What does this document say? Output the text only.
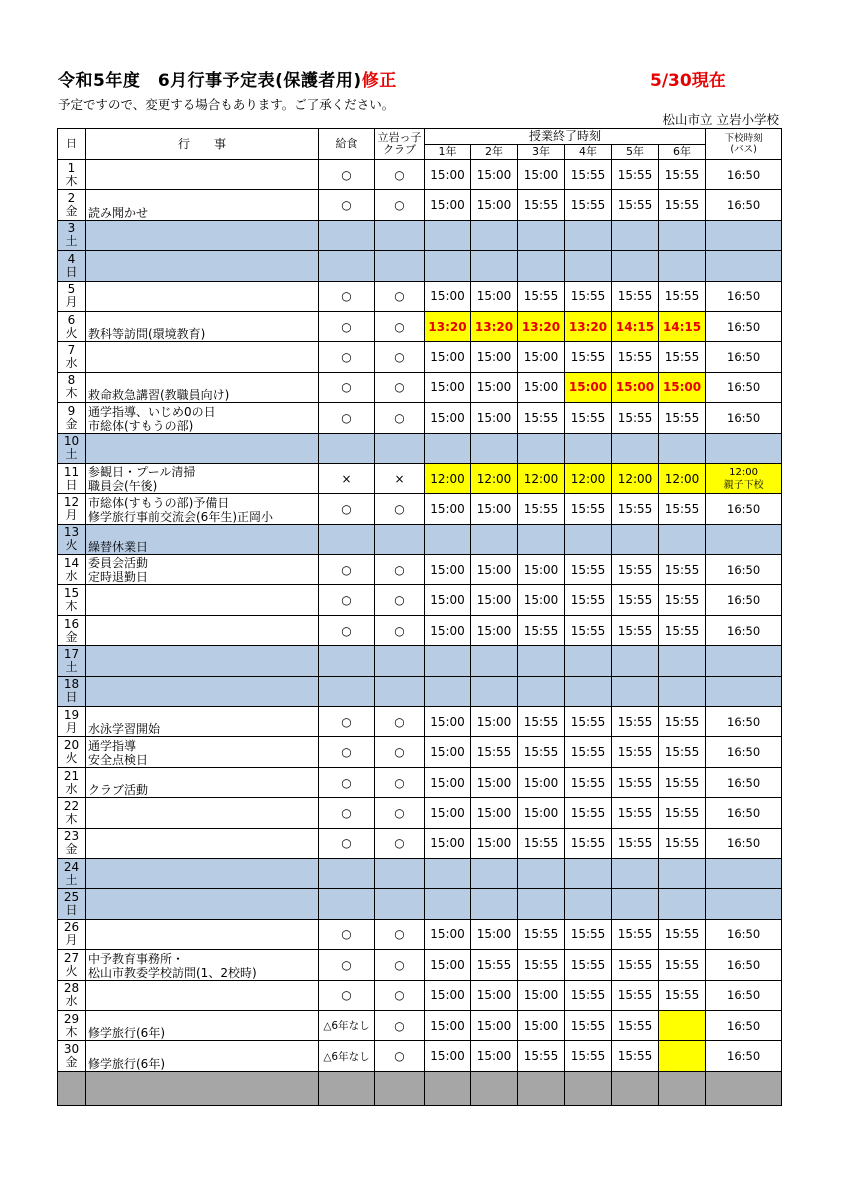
令和5年度　6月行事予定表(保護者用)修正	5/30現在
予定ですので、変更する場合もあります。ご了承ください。
松山市立 立岩小学校
日	行　　事	給食	立岩っ子
クラブ	授業終了時刻						下校時刻
(バス)

				1年	2年	3年	4年	5年	6年	

1
木		○	○	15:00	15:00	15:00	15:55	15:55	15:55	16:50

2
金	読み聞かせ	○	○	15:00	15:00	15:55	15:55	15:55	15:55	16:50

3
土										

4
日										

5
月		○	○	15:00	15:00	15:55	15:55	15:55	15:55	16:50

6
火	教科等訪問(環境教育)	○	○	13:20	13:20	13:20	13:20	14:15	14:15	16:50

7
水		○	○	15:00	15:00	15:00	15:55	15:55	15:55	16:50

8
木	救命救急講習(教職員向け)	○	○	15:00	15:00	15:00	15:00	15:00	15:00	16:50

9
金	通学指導、いじめ0の日
市総体(すもうの部)	○	○	15:00	15:00	15:55	15:55	15:55	15:55	16:50

10
土										

11
日	参観日・プール清掃
職員会(午後)	×	×	12:00	12:00	12:00	12:00	12:00	12:00	12:00
親子下校

12
月	市総体(すもうの部)予備日
修学旅行事前交流会(6年生)正岡小	○	○	15:00	15:00	15:55	15:55	15:55	15:55	16:50

13
火	繰替休業日									

14
水	委員会活動
定時退勤日	○	○	15:00	15:00	15:00	15:55	15:55	15:55	16:50

15
木		○	○	15:00	15:00	15:00	15:55	15:55	15:55	16:50

16
金		○	○	15:00	15:00	15:55	15:55	15:55	15:55	16:50

17
土										

18
日										

19
月	水泳学習開始	○	○	15:00	15:00	15:55	15:55	15:55	15:55	16:50

20
火	通学指導
安全点検日	○	○	15:00	15:55	15:55	15:55	15:55	15:55	16:50

21
水	クラブ活動	○	○	15:00	15:00	15:00	15:55	15:55	15:55	16:50

22
木		○	○	15:00	15:00	15:00	15:55	15:55	15:55	16:50

23
金		○	○	15:00	15:00	15:55	15:55	15:55	15:55	16:50

24
土										

25
日										

26
月		○	○	15:00	15:00	15:55	15:55	15:55	15:55	16:50

27
火	中予教育事務所・
松山市教委学校訪問(1、2校時)	○	○	15:00	15:55	15:55	15:55	15:55	15:55	16:50

28
水		○	○	15:00	15:00	15:00	15:55	15:55	15:55	16:50

29
木	修学旅行(6年)	△6年なし	○	15:00	15:00	15:00	15:55	15:55		16:50

30
金	修学旅行(6年)	△6年なし	○	15:00	15:00	15:55	15:55	15:55		16:50
